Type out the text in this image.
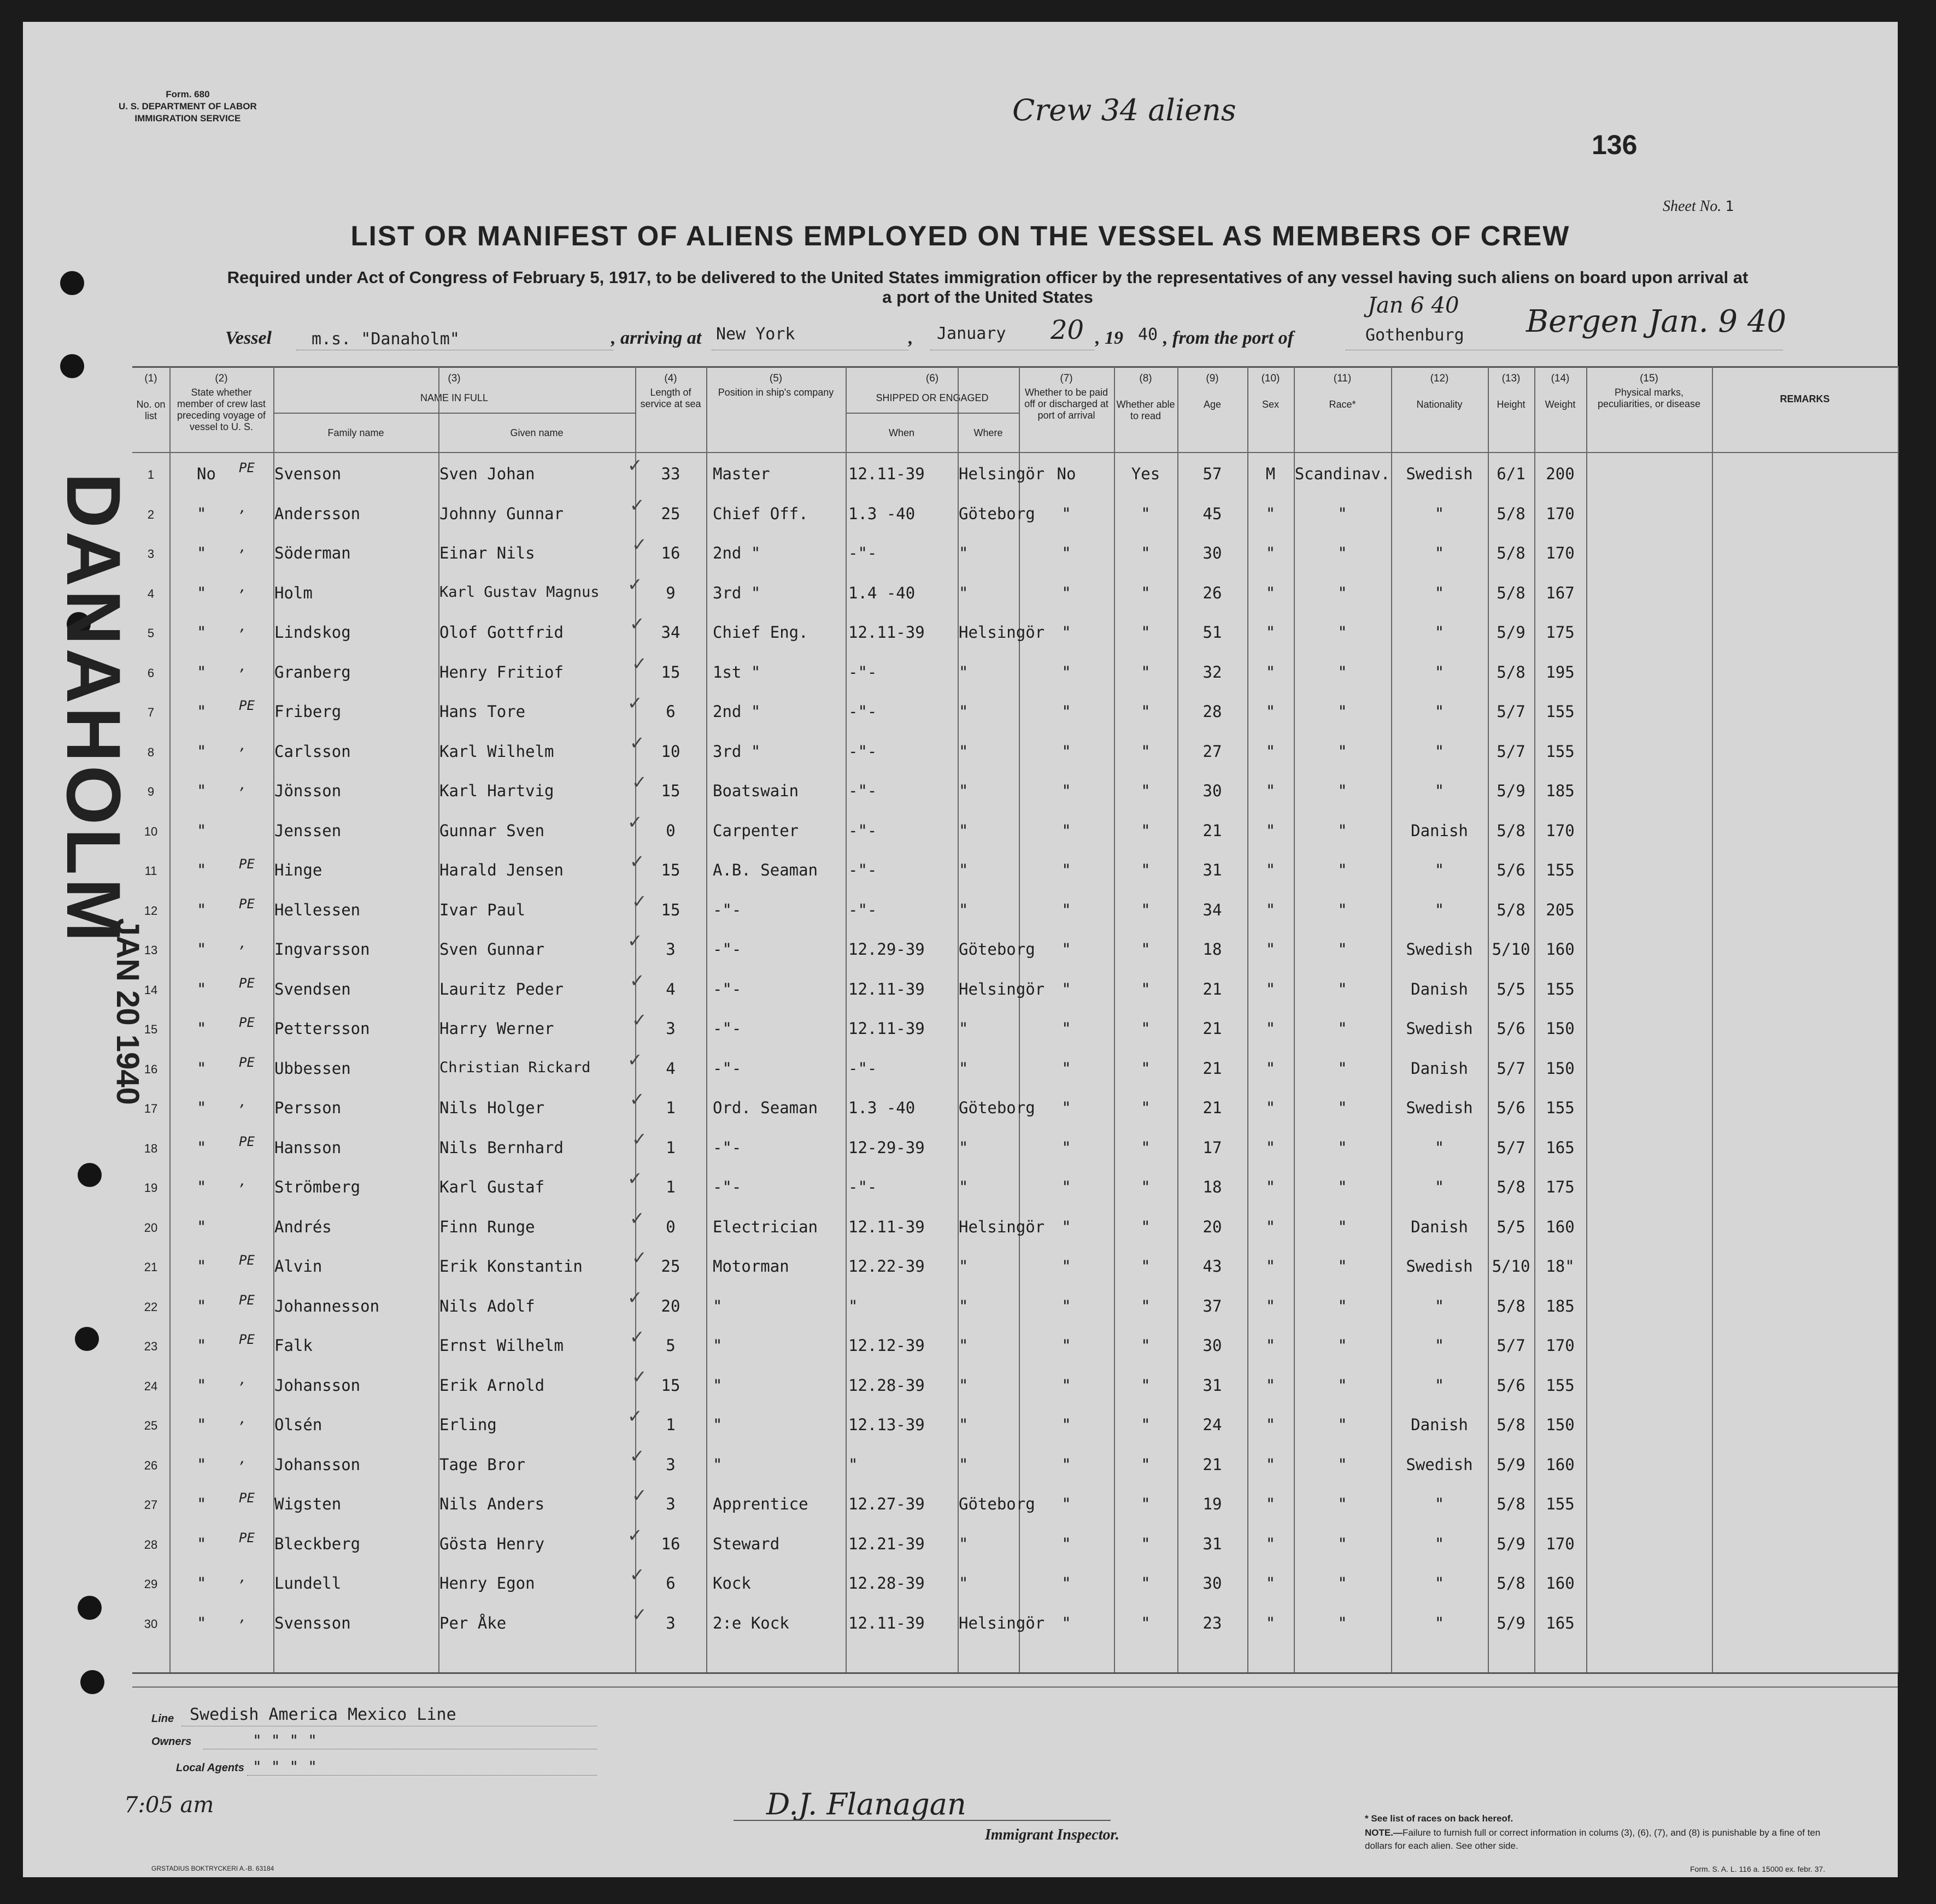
Form. 680
U. S. DEPARTMENT OF LABOR
IMMIGRATION SERVICE	Crew 34 aliens
136
Sheet No. 1
LIST OR MANIFEST OF ALIENS EMPLOYED ON THE VESSEL AS MEMBERS OF CREW
Required under Act of Congress of February 5, 1917, to be delivered to the United States immigration officer by the representatives of any vessel having such aliens on board upon arrival at a port of the United States	Jan 6 40
Vessel m.s. "Danaholm"	, arriving at New York	, January 20 , 19 40 , from the port of	Gothenburg Bergen Jan. 9 40
DANAHOLM
JAN 20 1940
(1)
No. on list
(2)
State whether member of crew last preceding voyage of vessel to U. S.
(3)
NAME IN FULL
Family name	Given name
(4)
Length of service at sea
(5)
Position in ship's company
(6)
SHIPPED OR ENGAGED
When	Where
(7)
Whether to be paid off or discharged at port of arrival
(8)
Whether able to read
(9)
Age
(10)
Sex
(11)
Race*
(12)
Nationality
(13)
Height
(14)
Weight
(15)
Physical marks, peculiarities, or disease	REMARKS
1	No	PE	Svenson	Sven Johan	33	Master	12.11-39	Helsingör No	Yes	57	M	Scandinav.	Swedish	6/1	200
✓
2	"	,	Andersson	Johnny Gunnar	25	Chief Off.	1.3 -40	Göteborg	"	"	45	"	"	"	5/8	170
✓
3	"	,	Söderman	Einar Nils	16	2nd "	-"-	"	"	"	30	"	"	"	5/8	170
✓
4	"	,	Holm	Karl Gustav Magnus	9	3rd "	1.4 -40	"	"	"	26	"	"	"	5/8	167
✓
5	"	,	Lindskog	Olof Gottfrid	34	Chief Eng.	12.11-39	Helsingör	"	"	51	"	"	"	5/9	175
✓
6	"	,	Granberg	Henry Fritiof	15	1st "	-"-	"	"	"	32	"	"	"	5/8	195
✓
7	"	PE	Friberg	Hans Tore	6	2nd "	-"-	"	"	"	28	"	"	"	5/7	155
✓
8	"	,	Carlsson	Karl Wilhelm	10	3rd "	-"-	"	"	"	27	"	"	"	5/7	155
✓
9	"	,	Jönsson	Karl Hartvig	15	Boatswain	-"-	"	"	"	30	"	"	"	5/9	185
✓
10	"	Jenssen	Gunnar Sven	0	Carpenter	-"-	"	"	"	21	"	"	Danish	5/8	170
✓
11	"	PE	Hinge	Harald Jensen	15	A.B. Seaman	-"-	"	"	"	31	"	"	"	5/6	155
✓
12	"	PE	Hellessen	Ivar Paul	15	-"-	-"-	"	"	"	34	"	"	"	5/8	205
✓
13	"	,	Ingvarsson	Sven Gunnar	3	-"-	12.29-39	Göteborg	"	"	18	"	"	Swedish	5/10 160
✓
14	"	PE	Svendsen	Lauritz Peder	4	-"-	12.11-39	Helsingör	"	"	21	"	"	Danish	5/5	155
✓
15	"	PE	Pettersson	Harry Werner	3	-"-	12.11-39	"	"	"	21	"	"	Swedish	5/6	150
✓
16	"	PE	Ubbessen	Christian Rickard	4	-"-	-"-	"	"	"	21	"	"	Danish	5/7	150
✓
17	"	,	Persson	Nils Holger	1	Ord. Seaman	1.3 -40	Göteborg	"	"	21	"	"	Swedish	5/6	155
✓
18	"	PE	Hansson	Nils Bernhard	1	-"-	12-29-39	"	"	"	17	"	"	"	5/7	165
✓
19	"	,	Strömberg	Karl Gustaf	1	-"-	-"-	"	"	"	18	"	"	"	5/8	175
✓
20	"	Andrés	Finn Runge	0	Electrician	12.11-39	Helsingör	"	"	20	"	"	Danish	5/5	160
✓
21	"	PE	Alvin	Erik Konstantin	25	Motorman	12.22-39	"	"	"	43	"	"	Swedish	5/10 18"
✓
22	"	PE	Johannesson	Nils Adolf	20	"	"	"	"	"	37	"	"	"	5/8	185
✓
23	"	PE	Falk	Ernst Wilhelm	5	"	12.12-39	"	"	"	30	"	"	"	5/7	170
✓
24	"	,	Johansson	Erik Arnold	15	"	12.28-39	"	"	"	31	"	"	"	5/6	155
✓
25	"	,	Olsén	Erling	1	"	12.13-39	"	"	"	24	"	"	Danish	5/8	150
✓
26	"	,	Johansson	Tage Bror	3	"	"	"	"	"	21	"	"	Swedish	5/9	160
✓
27	"	PE	Wigsten	Nils Anders	3	Apprentice	12.27-39	Göteborg	"	"	19	"	"	"	5/8	155
✓
28	"	PE	Bleckberg	Gösta Henry	16	Steward	12.21-39	"	"	"	31	"	"	"	5/9	170
✓
29	"	,	Lundell	Henry Egon	6	Kock	12.28-39	"	"	"	30	"	"	"	5/8	160
✓
30	"	,	Svensson	Per Åke	3	2:e Kock	12.11-39	Helsingör	"	"	23	"	"	"	5/9	165
✓
Line Swedish America Mexico Line
Owners	" " " "
Local Agents " " " "
7:05 am	D.J. Flanagan
Immigrant Inspector.
* See list of races on back hereof.
NOTE.—Failure to furnish full or correct information in colums (3), (6), (7), and (8) is punishable by a fine of ten dollars for each alien. See other side.
GRSTADIUS BOKTRYCKERI A.-B. 63184	Form. S. A. L. 116 a. 15000 ex. febr. 37.
